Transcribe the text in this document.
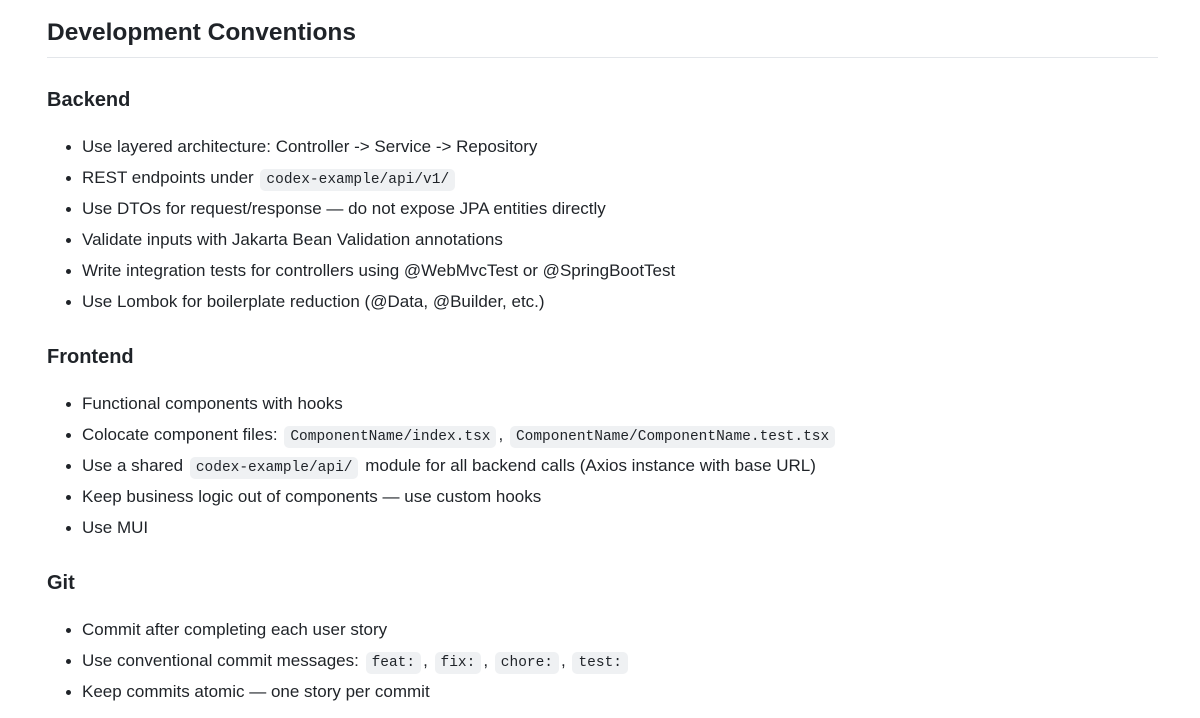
Development Conventions
Backend
Use layered architecture: Controller -> Service -> Repository
REST endpoints under codex-example/api/v1/
Use DTOs for request/response — do not expose JPA entities directly
Validate inputs with Jakarta Bean Validation annotations
Write integration tests for controllers using @WebMvcTest or @SpringBootTest
Use Lombok for boilerplate reduction (@Data, @Builder, etc.)
Frontend
Functional components with hooks
Colocate component files: ComponentName/index.tsx , ComponentName/ComponentName.test.tsx
Use a shared codex-example/api/ module for all backend calls (Axios instance with base URL)
Keep business logic out of components — use custom hooks
Use MUI
Git
Commit after completing each user story
Use conventional commit messages: feat: , fix: , chore: , test:
Keep commits atomic — one story per commit
